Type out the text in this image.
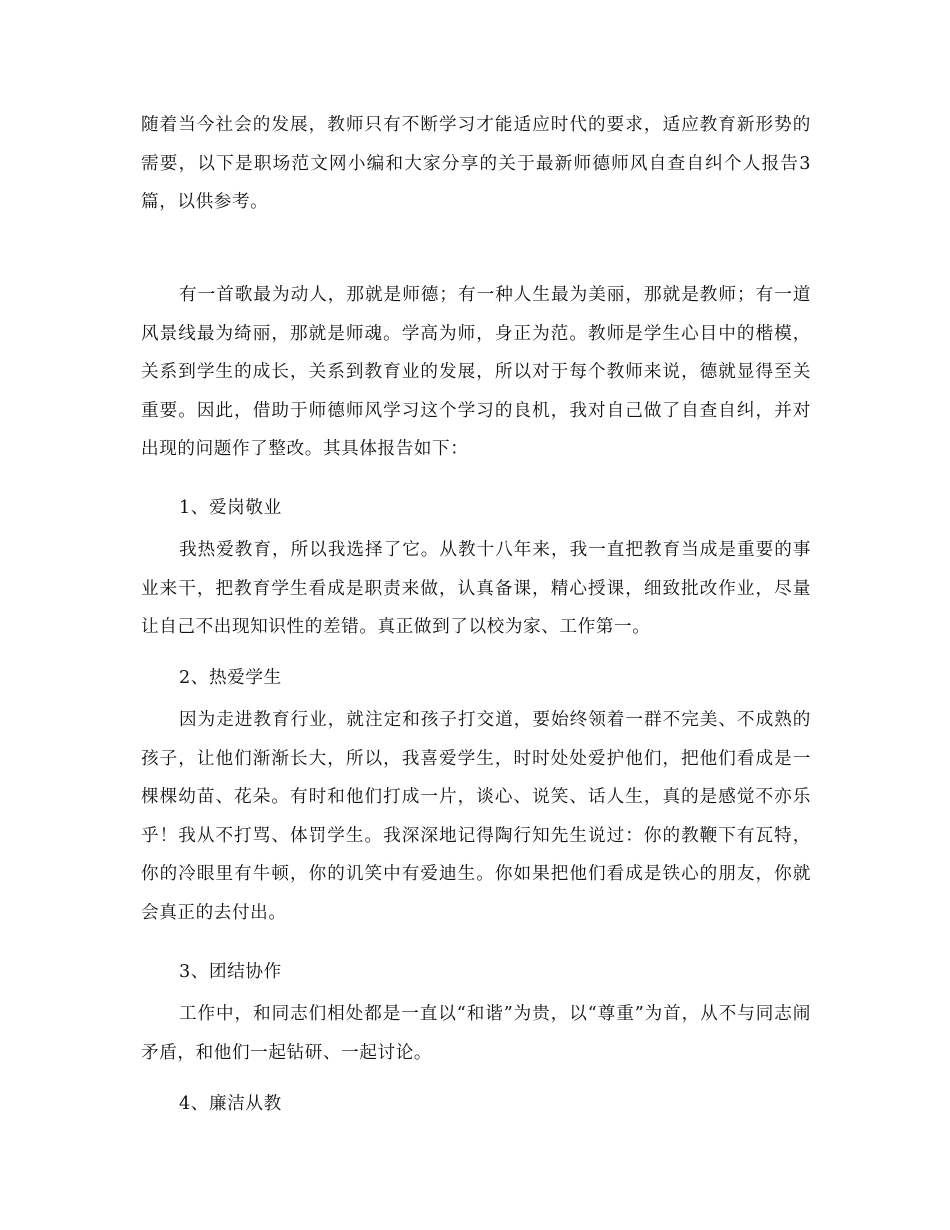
随着当今社会的发展，教师只有不断学习才能适应时代的要求，适应教育新形势的需要，以下是职场范文网小编和大家分享的关于最新师德师风自查自纠个人报告3篇，以供参考。

有一首歌最为动人，那就是师德；有一种人生最为美丽，那就是教师；有一道风景线最为绮丽，那就是师魂。学高为师，身正为范。教师是学生心目中的楷模，关系到学生的成长，关系到教育业的发展，所以对于每个教师来说，德就显得至关重要。因此，借助于师德师风学习这个学习的良机，我对自己做了自查自纠，并对出现的问题作了整改。其具体报告如下：

1、爱岗敬业

我热爱教育，所以我选择了它。从教十八年来，我一直把教育当成是重要的事业来干，把教育学生看成是职责来做，认真备课，精心授课，细致批改作业，尽量让自己不出现知识性的差错。真正做到了以校为家、工作第一。

2、热爱学生

因为走进教育行业，就注定和孩子打交道，要始终领着一群不完美、不成熟的孩子，让他们渐渐长大，所以，我喜爱学生，时时处处爱护他们，把他们看成是一棵棵幼苗、花朵。有时和他们打成一片，谈心、说笑、话人生，真的是感觉不亦乐乎！我从不打骂、体罚学生。我深深地记得陶行知先生说过：你的教鞭下有瓦特，你的冷眼里有牛顿，你的讥笑中有爱迪生。你如果把他们看成是铁心的朋友，你就会真正的去付出。

3、团结协作

工作中，和同志们相处都是一直以“和谐”为贵，以“尊重”为首，从不与同志闹矛盾，和他们一起钻研、一起讨论。

4、廉洁从教
